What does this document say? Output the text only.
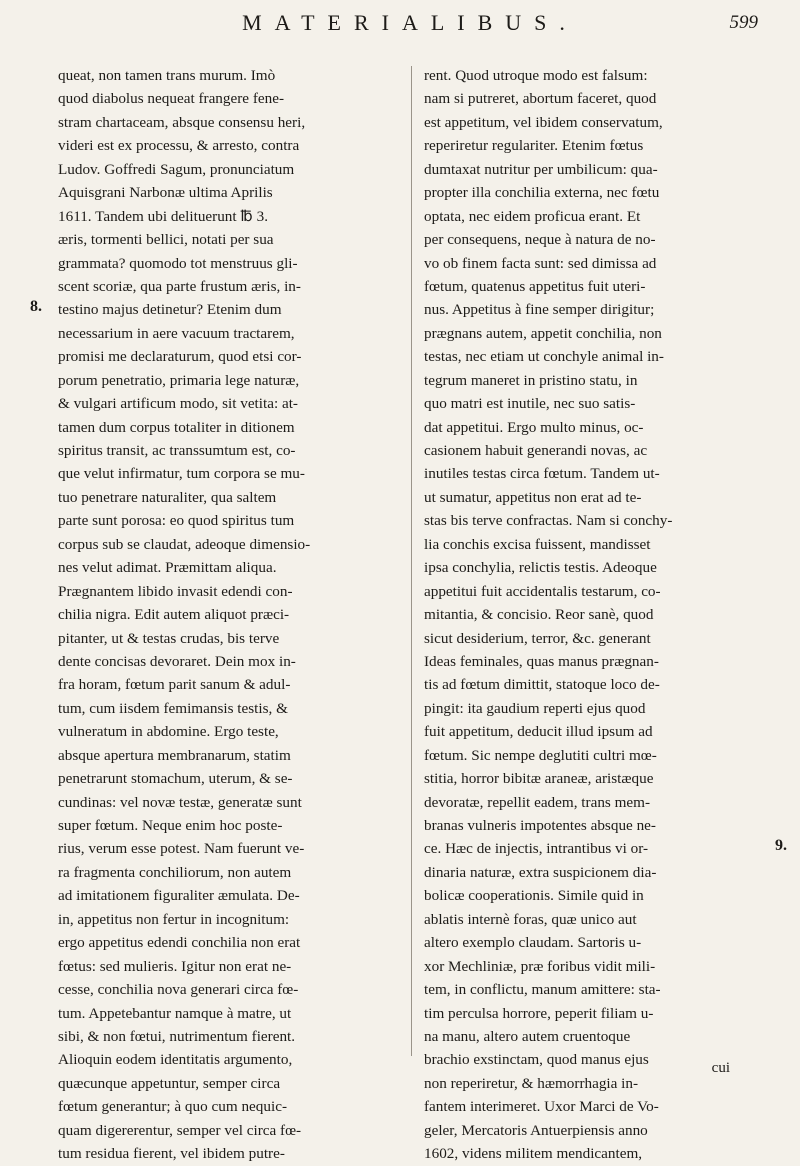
MATERIALIBUS.	599
8.
9.
queat, non tamen trans murum. Imò
quod diabolus nequeat frangere fene-
stram chartaceam, absque consensu heri,
videri est ex processu, & arresto, contra
Ludov. Goffredi Sagum, pronunciatum
Aquisgrani Narbonæ ultima Aprilis
1611. Tandem ubi delituerunt ℔ 3.
æris, tormenti bellici, notati per sua
grammata? quomodo tot menstruus gli-
scent scoriæ, qua parte frustum æris, in-
testino majus detinetur? Etenim dum
necessarium in aere vacuum tractarem,
promisi me declaraturum, quod etsi cor-
porum penetratio, primaria lege naturæ,
& vulgari artificum modo, sit vetita: at-
tamen dum corpus totaliter in ditionem
spiritus transit, ac transsumtum est, co-
que velut infirmatur, tum corpora se mu-
tuo penetrare naturaliter, qua saltem
parte sunt porosa: eo quod spiritus tum
corpus sub se claudat, adeoque dimensio-
nes velut adimat. Præmittam aliqua.
Prægnantem libido invasit edendi con-
chilia nigra. Edit autem aliquot præci-
pitanter, ut & testas crudas, bis terve
dente concisas devoraret. Dein mox in-
fra horam, fœtum parit sanum & adul-
tum, cum iisdem femimansis testis, &
vulneratum in abdomine. Ergo teste,
absque apertura membranarum, statim
penetrarunt stomachum, uterum, & se-
cundinas: vel novæ testæ, generatæ sunt
super fœtum. Neque enim hoc poste-
rius, verum esse potest. Nam fuerunt ve-
ra fragmenta conchiliorum, non autem
ad imitationem figuraliter æmulata. De-
in, appetitus non fertur in incognitum:
ergo appetitus edendi conchilia non erat
fœtus: sed mulieris. Igitur non erat ne-
cesse, conchilia nova generari circa fœ-
tum. Appetebantur namque à matre, ut
sibi, & non fœtui, nutrimentum fierent.
Alioquin eodem identitatis argumento,
quæcunque appetuntur, semper circa
fœtum generantur; à quo cum nequic-
quam digererentur, semper vel circa fœ-
tum residua fierent, vel ibidem putre-
rent. Quod utroque modo est falsum:
nam si putreret, abortum faceret, quod
est appetitum, vel ibidem conservatum,
reperiretur regulariter. Etenim fœtus
dumtaxat nutritur per umbilicum: qua-
propter illa conchilia externa, nec fœtu
optata, nec eidem proficua erant. Et
per consequens, neque à natura de no-
vo ob finem facta sunt: sed dimissa ad
fœtum, quatenus appetitus fuit uteri-
nus. Appetitus à fine semper dirigitur;
prægnans autem, appetit conchilia, non
testas, nec etiam ut conchyle animal in-
tegrum maneret in pristino statu, in
quo matri est inutile, nec suo satis-
dat appetitui. Ergo multo minus, oc-
casionem habuit generandi novas, ac
inutiles testas circa fœtum. Tandem ut-
ut sumatur, appetitus non erat ad te-
stas bis terve confractas. Nam si conchy-
lia conchis excisa fuissent, mandisset
ipsa conchylia, relictis testis. Adeoque
appetitui fuit accidentalis testarum, co-
mitantia, & concisio. Reor sanè, quod
sicut desiderium, terror, &c. generant
Ideas feminales, quas manus prægnan-
tis ad fœtum dimittit, statoque loco de-
pingit: ita gaudium reperti ejus quod
fuit appetitum, deducit illud ipsum ad
fœtum. Sic nempe deglutiti cultri mœ-
stitia, horror bibitæ araneæ, aristæque
devoratæ, repellit eadem, trans mem-
branas vulneris impotentes absque ne-
ce. Hæc de injectis, intrantibus vi or-
dinaria naturæ, extra suspicionem dia-
bolicæ cooperationis. Simile quid in
ablatis internè foras, quæ unico aut
altero exemplo claudam. Sartoris u-
xor Mechliniæ, præ foribus vidit mili-
tem, in conflictu, manum amittere: sta-
tim perculsa horrore, peperit filiam u-
na manu, altero autem cruentoque
brachio exstinctam, quod manus ejus
non reperiretur, & hæmorrhagia in-
fantem interimeret. Uxor Marci de Vo-
geler, Mercatoris Antuerpiensis anno
1602, videns militem mendicantem,
cui
